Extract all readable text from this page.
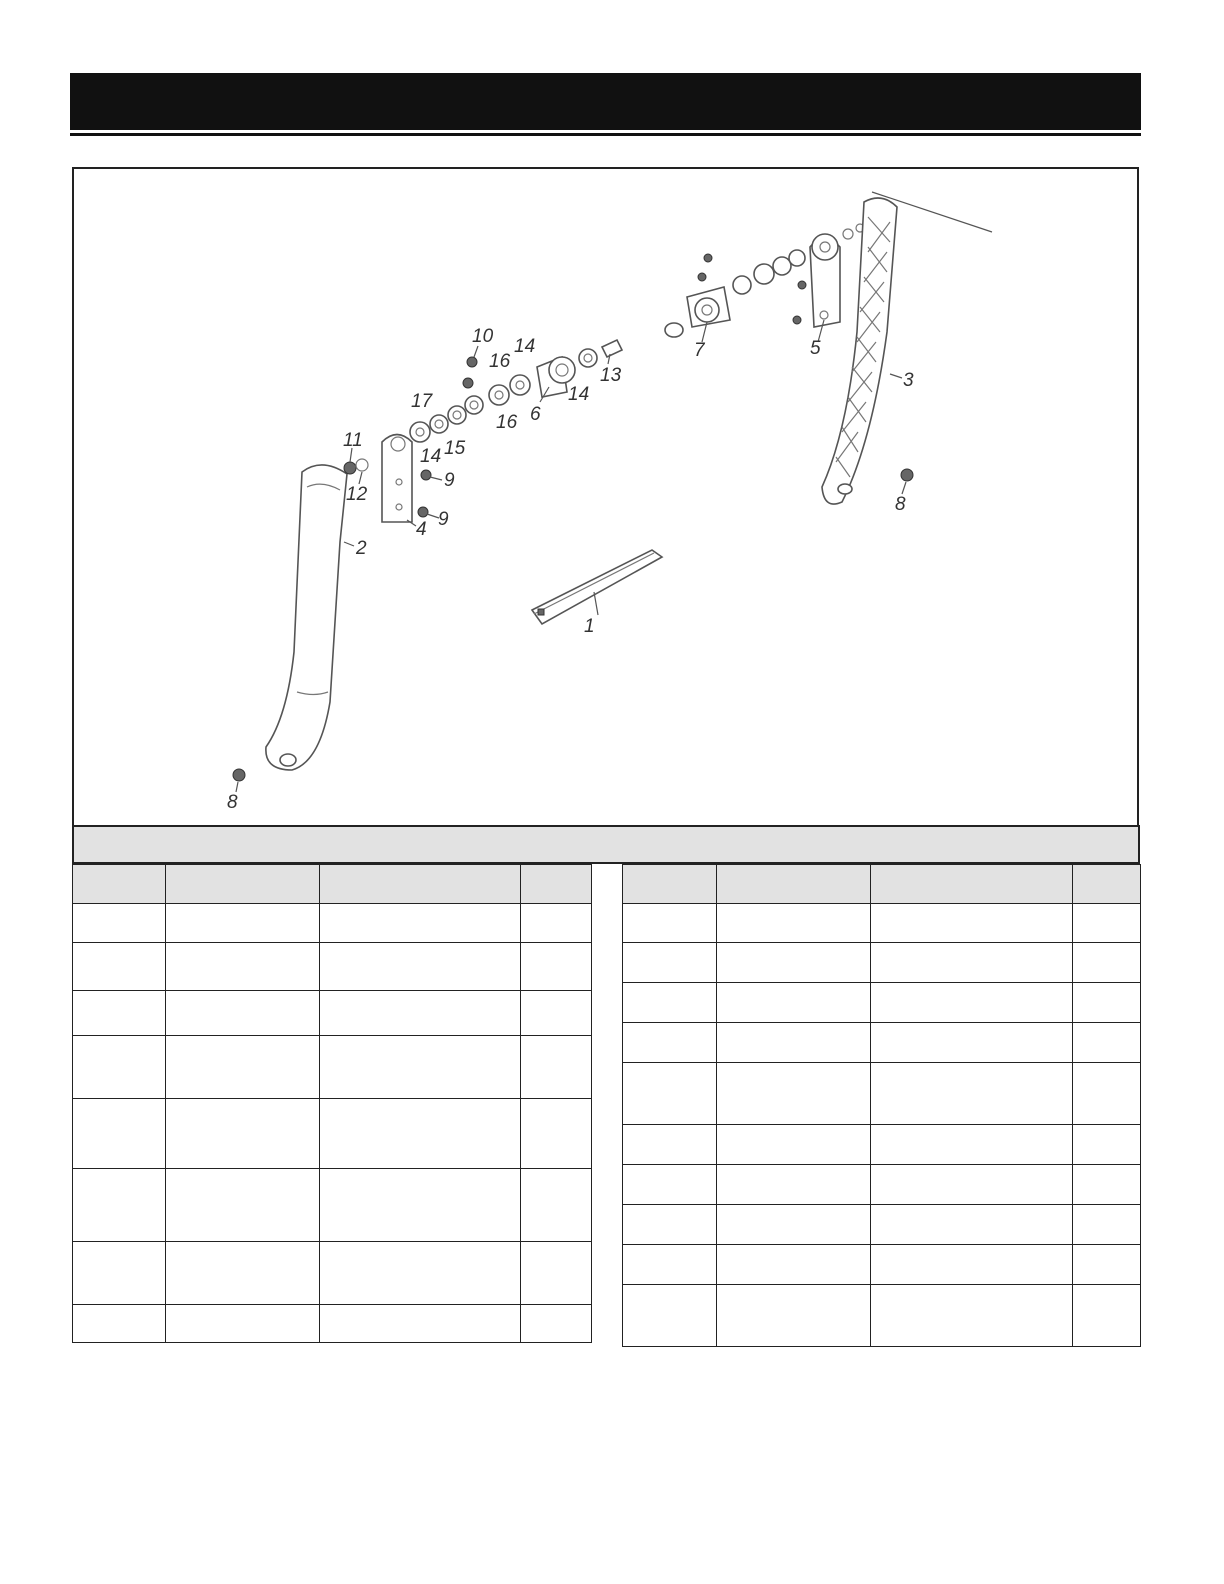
1
2
3
4
5
6
7
8
8
9
9
10
11
12
13
14
14
14 15
16
16
17
